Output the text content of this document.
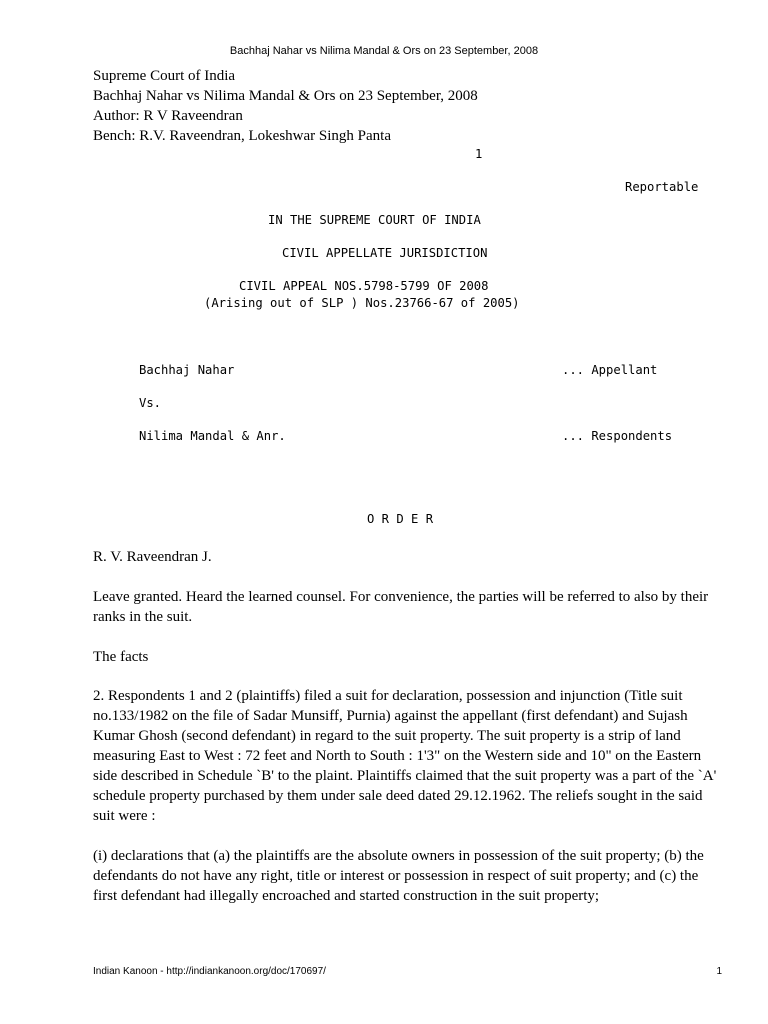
Bachhaj Nahar vs Nilima Mandal & Ors on 23 September, 2008
Supreme Court of India
Bachhaj Nahar vs Nilima Mandal & Ors on 23 September, 2008
Author: R V Raveendran
Bench: R.V. Raveendran, Lokeshwar Singh Panta
1
Reportable
IN THE SUPREME COURT OF INDIA
CIVIL APPELLATE JURISDICTION
CIVIL APPEAL NOS.5798-5799 OF 2008
(Arising out of SLP ) Nos.23766-67 of 2005)
Bachhaj Nahar	... Appellant
Vs.
Nilima Mandal & Anr.	... Respondents
O R D E R
R. V. Raveendran J.
Leave granted. Heard the learned counsel. For convenience, the parties will be referred to also by their ranks in the suit.
The facts
2. Respondents 1 and 2 (plaintiffs) filed a suit for declaration, possession and injunction (Title suit no.133/1982 on the file of Sadar Munsiff, Purnia) against the appellant (first defendant) and Sujash Kumar Ghosh (second defendant) in regard to the suit property. The suit property is a strip of land measuring East to West : 72 feet and North to South : 1'3" on the Western side and 10" on the Eastern side described in Schedule `B' to the plaint. Plaintiffs claimed that the suit property was a part of the `A' schedule property purchased by them under sale deed dated 29.12.1962. The reliefs sought in the said suit were :
(i) declarations that (a) the plaintiffs are the absolute owners in possession of the suit property; (b) the defendants do not have any right, title or interest or possession in respect of suit property; and (c) the first defendant had illegally encroached and started construction in the suit property;
Indian Kanoon - http://indiankanoon.org/doc/170697/	1
